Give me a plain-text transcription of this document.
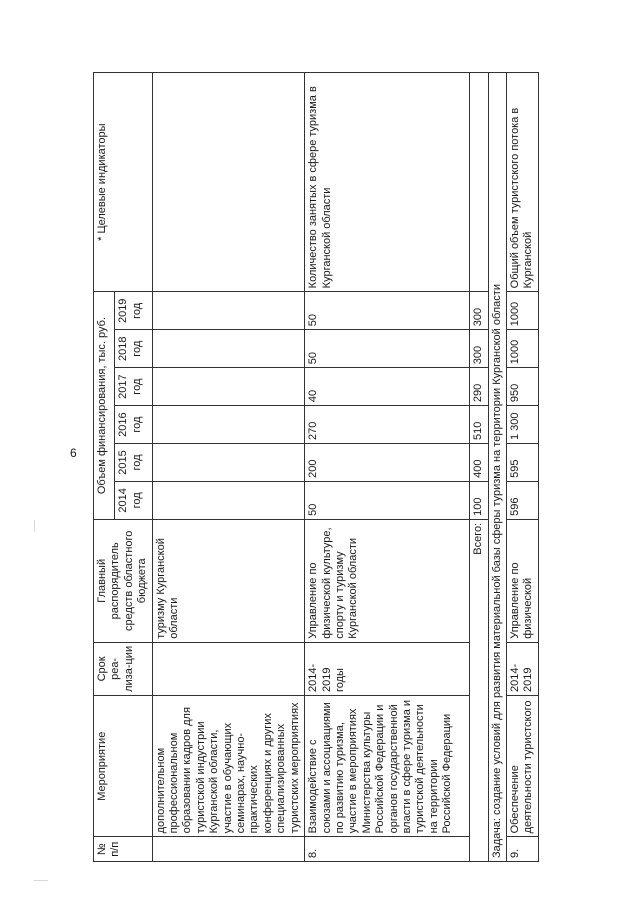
6
№ п/п	Мероприятие	Срок реа-лиза-ции	Главный распорядитель средств областного бюджета	Объем финансирования, тыс. руб.						* Целевые индикаторы
				2014 год	2015 год	2016 год	2017 год	2018 год	2019 год	
	дополнительном профессиональном образовании кадров для туристской индустрии Курганской области, участие в обучающих семинарах, научно-практических конференциях и других специализированных туристских мероприятиях		туризму Курганской области							
8.	Взаимодействие с союзами и ассоциациями по развитию туризма, участие в мероприятиях Министерства культуры Российской Федерации и органов государственной власти в сфере туризма и туристской деятельности на территории Российской Федерации	2014-2019 годы	Управление по физической культуре, спорту и туризму Курганской области	50	200	270	40	50	50	Количество занятых в сфере туризма в Курганской области
Всего:				100	400	510	290	300	300	
Задача: создание условий для развития материальной базы сферы туризма на территории Курганской области										
9.	Обеспечение деятельности туристского	2014-2019	Управление по физической	596	595	1 300	950	1000	1000	Общий объем туристского потока в Курганской
